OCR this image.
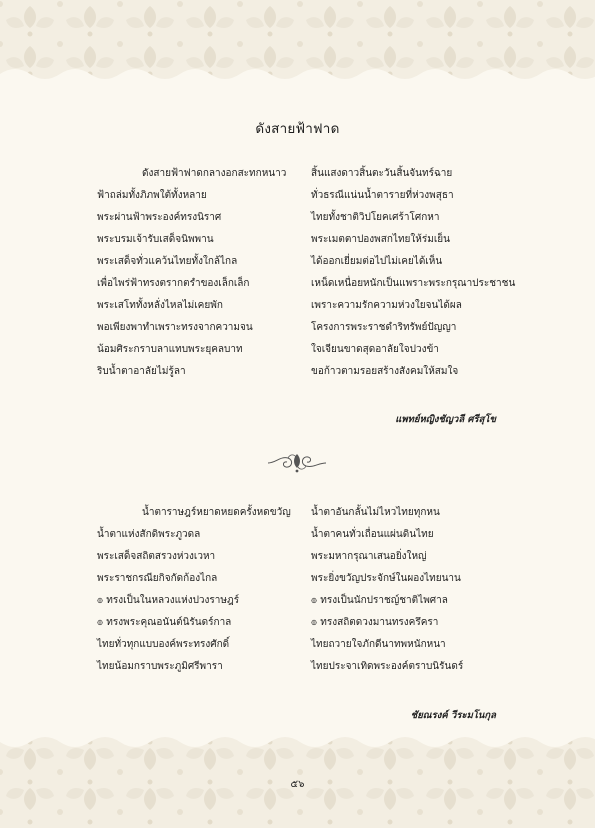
ดังสายฟ้าฟาด
ดังสายฟ้าฟาดกลางอกสะทกหนาว
ฟ้าถล่มทั้งภิภพใต้ทั้งหลาย
พระผ่านฟ้าพระองค์ทรงนิราศ
พระบรมเจ้ารับเสด็จนิพพาน
พระเสด็จทั่วแคว้นไทยทั้งใกล้ไกล
เพื่อไพร่ฟ้าทรงตรากตรำของเล็กเล็ก
พระเสโททั้งหลั่งไหลไม่เคยพัก
พอเพียงพาทำเพราะทรงจากความจน
น้อมศิระกราบลาแทบพระยุคลบาท
ริบน้ำตาอาลัยไม่รู้ลา
สิ้นแสงดาวสิ้นตะวันสิ้นจันทร์ฉาย
ทั่วธรณีแน่นน้ำตารายที่ห่วงพสุธา
ไทยทั้งชาติวิปโยคเศร้าโศกหา
พระเมตตาปองพสกไทยให้ร่มเย็น
ได้ออกเยี่ยมต่อไปไม่เคยได้เห็น
เหน็ดเหนื่อยหนักเป็นแพราะพระกรุณาประชาชน
เพราะความรักความห่วงใยจนได้ผล
โครงการพระราชดำริทรัพย์ปัญญา
ใจเจียนขาดสุดอาลัยใจปวงข้า
ขอก้าวตามรอยสร้างสังคมให้สมใจ
แพทย์หญิงชัญวลี ศรีสุโข
น้ำตาราษฎร์หยาดหยดครั้งหดขวัญ
น้ำตาแห่งสักดิพระภูวดล
พระเสด็จสถิตสรวงห่วงเวหา
พระราชกรณียกิจกัดก้องไกล
๏ ทรงเป็นในหลวงแห่งปวงราษฎร์
๏ ทรงพระคุณอนันต์นิรันดร์กาล
ไทยทั่วทุกแบบองค์พระทรงศักดิ์
ไทยน้อมกราบพระภูมิศรีพารา
น้ำตาอันกลั้นไม่ไหวไทยทุกหน
น้ำตาคนทั่วเถื่อนแผ่นดินไทย
พระมหากรุณาเสนอยิ่งใหญ่
พระยิ่งขวัญประจักษ์ในผองไทยนาน
๏ ทรงเป็นนักปราชญ์ชาติไพศาล
๏ ทรงสถิตดวงมานทรงครึครา
ไทยถวายใจภักดีนาทพหนักหนา
ไทยประจาเทิดพระองค์ตราบนิรันดร์
ชัยณรงค์ วีระมโนกุล
๕๖
